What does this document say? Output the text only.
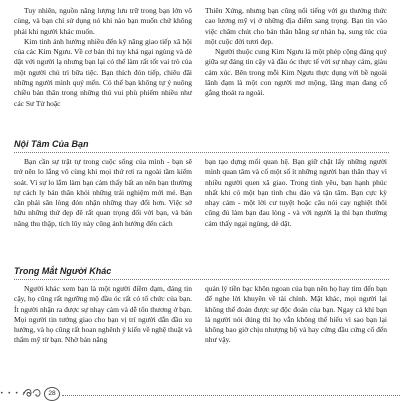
Tuy nhiên, nguồn năng lượng lưu trữ trong bạn lớn vô cùng, và bạn chỉ sử dụng nó khi nào bạn muốn chứ không phải khi người khác muốn.

Kim tinh ảnh hưởng nhiều đến kỹ năng giao tiếp xã hội của các Kim Ngưu. Về cơ bản thì tuy khá ngại ngùng và dè dặt với người lạ nhưng bạn lại có thể làm rất tốt vai trò của một người chủ trì bữa tiệc. Bạn thích đón tiếp, chiêu đãi những người mình quý mến. Có thể bạn không tự ý nuông chiều bản thân trong những thú vui phù phiếm nhiều như các Sư Tử hoặc

Thiên Xứng, nhưng bạn cũng nổi tiếng với gu thưởng thức cao lương mỹ vị ở những địa điểm sang trọng. Bạn tìn vào việc chăm chút cho bản thân bằng sự nhàn hạ, sung túc của một cuộc đời tươi đẹp.

Người thuộc cung Kim Ngưu là một phép cộng đáng quý giữa sự đáng tin cậy và đầu óc thực tế với sự nhạy cảm, giàu cảm xúc. Bên trong mỗi Kim Ngưu thực dụng với bề ngoài lãnh đạm là một con người mơ mộng, lãng mạn đang cố gắng thoát ra ngoài.

Nội Tâm Của Bạn

Bạn cần sự trật tự trong cuộc sống của mình - bạn sẽ trở nên lo lắng vô cùng khi mọi thứ rơi ra ngoài tầm kiểm soát. Vì sự lo lắm làm bạn cảm thấy bất an nên bạn thường tự cách ly bản thân khỏi những trải nghiệm mới mẻ. Bạn cần phải săn lòng đón nhận những thay đổi hơn. Việc sở hữu những thứ đẹp đẽ rất quan trọng đối với bạn, và bản năng thu thập, tích lũy này cũng ảnh hưởng đến cách

bạn tạo dựng mối quan hệ. Bạn giữ chặt lấy những người mình quan tâm và cố một số ít những người bạn thân thay vì nhiều người quen xã giao. Trong tình yêu, bạn hạnh phúc nhất khi có một bạn tình chu đáo và tận tâm. Bạn cực kỳ nhạy cảm - một lời cư tuyệt hoặc câu nói cay nghiệt thôi cũng đủ làm bạn đau lòng - và với người lạ thì bạn thường cảm thấy ngại ngùng, dè dặt.

Trong Mắt Người Khác

Người khác xem bạn là một người điềm đạm, đáng tin cậy, họ cũng rất ngưỡng mộ đầu óc rất có tổ chức của bạn. Ít người nhận ra được sự nhạy cảm và dễ tổn thương ở bạn. Mọi người tin tưởng giao cho bạn vị trí người dẫn đầu xu hướng, và họ cũng rất hoan nghênh ý kiến về nghệ thuật và thẩm mỹ từ bạn. Nhờ bản năng

quản lý tiền bạc khôn ngoan của bạn nên họ hay tìm đến bạn để nghe lời khuyên về tài chính. Mặt khác, mọi người lại không thể đoán được sự độc đoán của bạn. Ngay cả khi bạn là người nói đúng thì họ vẫn không thể hiểu vì sao bạn lại không bao giờ chịu nhượng bộ và hay cứng đầu cứng cổ đến như vậy.

• • • •	28
